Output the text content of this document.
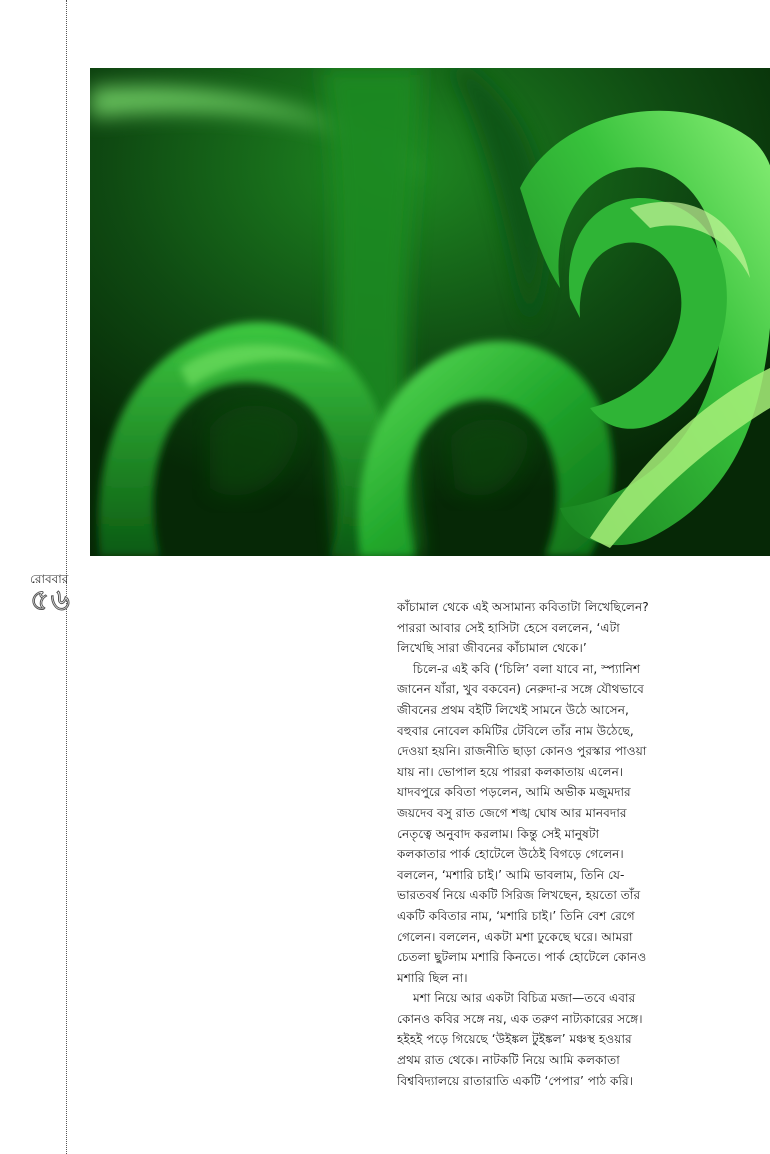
রোববার
৫৬	কাঁচামাল থেকে এই অসামান্য কবিতাটা লিখেছিলেন?
পাররা আবার সেই হাসিটা হেসে বললেন, ‘এটা
লিখেছি সারা জীবনের কাঁচামাল থেকে।’
চিলে-র এই কবি (‘চিলি’ বলা যাবে না, স্প্যানিশ
জানেন যাঁরা, খুব বকবেন) নেরুদা-র সঙ্গে যৌথভাবে
জীবনের প্রথম বইটি লিখেই সামনে উঠে আসেন,
বহুবার নোবেল কমিটির টেবিলে তাঁর নাম উঠেছে,
দেওয়া হয়নি। রাজনীতি ছাড়া কোনও পুরস্কার পাওয়া
যায় না। ভোপাল হয়ে পাররা কলকাতায় এলেন।
যাদবপুরে কবিতা পড়লেন, আমি অভীক মজুমদার
জয়দেব বসু রাত জেগে শঙ্খ ঘোষ আর মানবদার
নেতৃত্বে অনুবাদ করলাম। কিন্তু সেই মানুষটা
কলকাতার পার্ক হোটেলে উঠেই বিগড়ে গেলেন।
বললেন, ‘মশারি চাই।’ আমি ভাবলাম, তিনি যে-
ভারতবর্ষ নিয়ে একটি সিরিজ লিখছেন, হয়তো তাঁর
একটি কবিতার নাম, ‘মশারি চাই।’ তিনি বেশ রেগে
গেলেন। বললেন, একটা মশা ঢুকেছে ঘরে। আমরা
চেতলা ছুটলাম মশারি কিনতে। পার্ক হোটেলে কোনও
মশারি ছিল না।
মশা নিয়ে আর একটা বিচিত্র মজা—তবে এবার
কোনও কবির সঙ্গে নয়, এক তরুণ নাট্যকারের সঙ্গে।
হইহই পড়ে গিয়েছে ‘উইঙ্কল টুইঙ্কল’ মঞ্চস্থ হওয়ার
প্রথম রাত থেকে। নাটকটি নিয়ে আমি কলকাতা
বিশ্ববিদ্যালয়ে রাতারাতি একটি ‘পেপার’ পাঠ করি।
